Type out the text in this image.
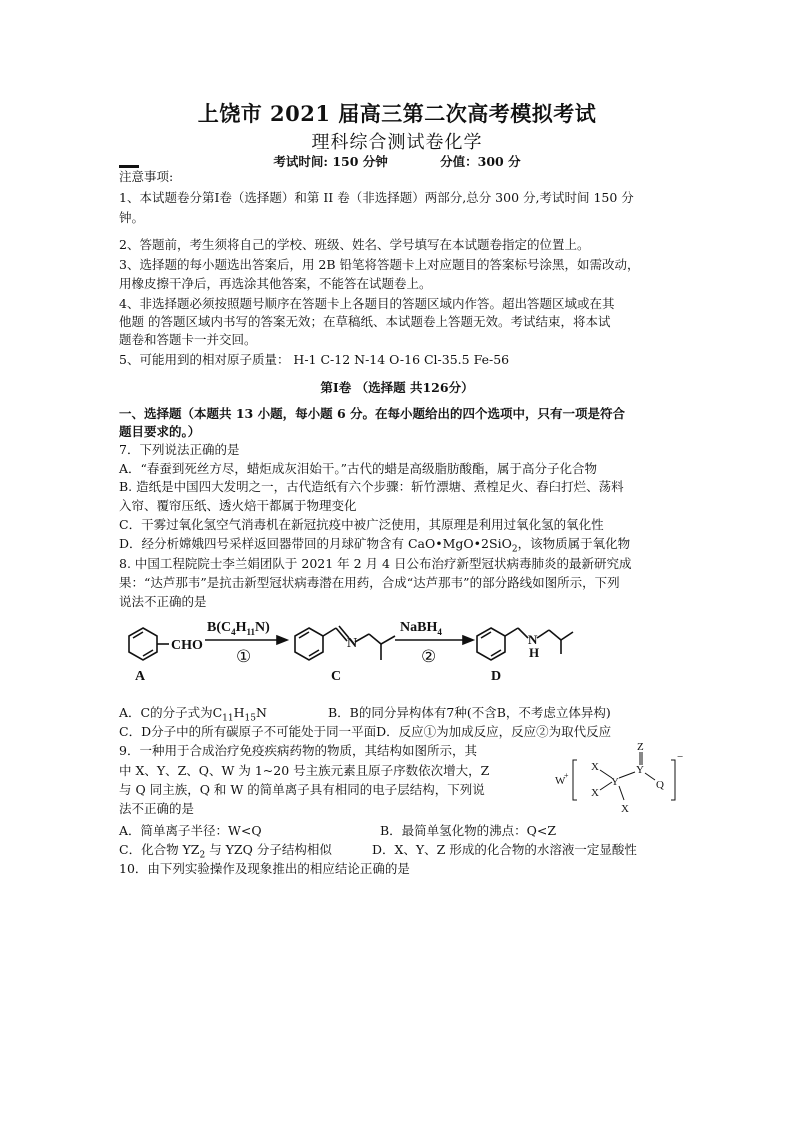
上饶市 2021 届高三第二次高考模拟考试
理科综合测试卷化学
考试时间: 150 分钟	分值：300 分
注意事项:
1、本试题卷分第Ⅰ卷（选择题）和第 II 卷（非选择题）两部分,总分 300 分,考试时间 150 分
钟。
2、答题前，考生须将自己的学校、班级、姓名、学号填写在本试题卷指定的位置上。
3、选择题的每小题选出答案后，用 2B 铅笔将答题卡上对应题目的答案标号涂黑，如需改动，
用橡皮擦干净后，再选涂其他答案，不能答在试题卷上。
4、非选择题必须按照题号顺序在答题卡上各题目的答题区域内作答。超出答题区域或在其
他题 的答题区域内书写的答案无效；在草稿纸、本试题卷上答题无效。考试结束，将本试
题卷和答题卡一并交回。
5、可能用到的相对原子质量： H-1 C-12 N-14 O-16 Cl-35.5 Fe-56
第Ⅰ卷 （选择题 共126分）
一、选择题（本题共 13 小题，每小题 6 分。在每小题给出的四个选项中，只有一项是符合
题目要求的。）
7．下列说法正确的是
A．“春蚕到死丝方尽，蜡炬成灰泪始干。”古代的蜡是高级脂肪酸酯，属于高分子化合物
B. 造纸是中国四大发明之一，古代造纸有六个步骤：斩竹漂塘、煮楻足火、舂臼打烂、荡料
入帘、覆帘压纸、透火焙干都属于物理变化
C．干雾过氧化氢空气消毒机在新冠抗疫中被广泛使用，其原理是利用过氧化氢的氧化性
D．经分析嫦娥四号采样返回器带回的月球矿物含有 CaO•MgO•2SiO$_2$，该物质属于氧化物
8. 中国工程院院士李兰娟团队于 2021 年 2 月 4 日公布治疗新型冠状病毒肺炎的最新研究成
果：“达芦那韦”是抗击新型冠状病毒潜在用药，合成“达芦那韦”的部分路线如图所示，下列
说法不正确的是
CHO
$B(C_4H_{11}N)$
①
N
NaBH$_4$
②
N
H
A	C	D
A．C的分子式为$C_{11}H_{15}N$	B．B的同分异构体有7种(不含B，不考虑立体异构)
C．D分子中的所有碳原子不可能处于同一平面D．反应①为加成反应，反应②为取代反应
9．一种用于合成治疗免疫疾病药物的物质，其结构如图所示，其
中 X、Y、Z、Q、W 为 1~20 号主族元素且原子序数依次增大，Z
与 Q 同主族，Q 和 W 的简单离子具有相同的电子层结构，下列说
法不正确的是
W
+
X
X
Y
Y
Z
Q
X
−
A．简单离子半径：W<Q	B．最简单氢化物的沸点：Q<Z
C．化合物 $YZ_2$ 与 YZQ 分子结构相似	D．X、Y、Z 形成的化合物的水溶液一定显酸性
10．由下列实验操作及现象推出的相应结论正确的是
